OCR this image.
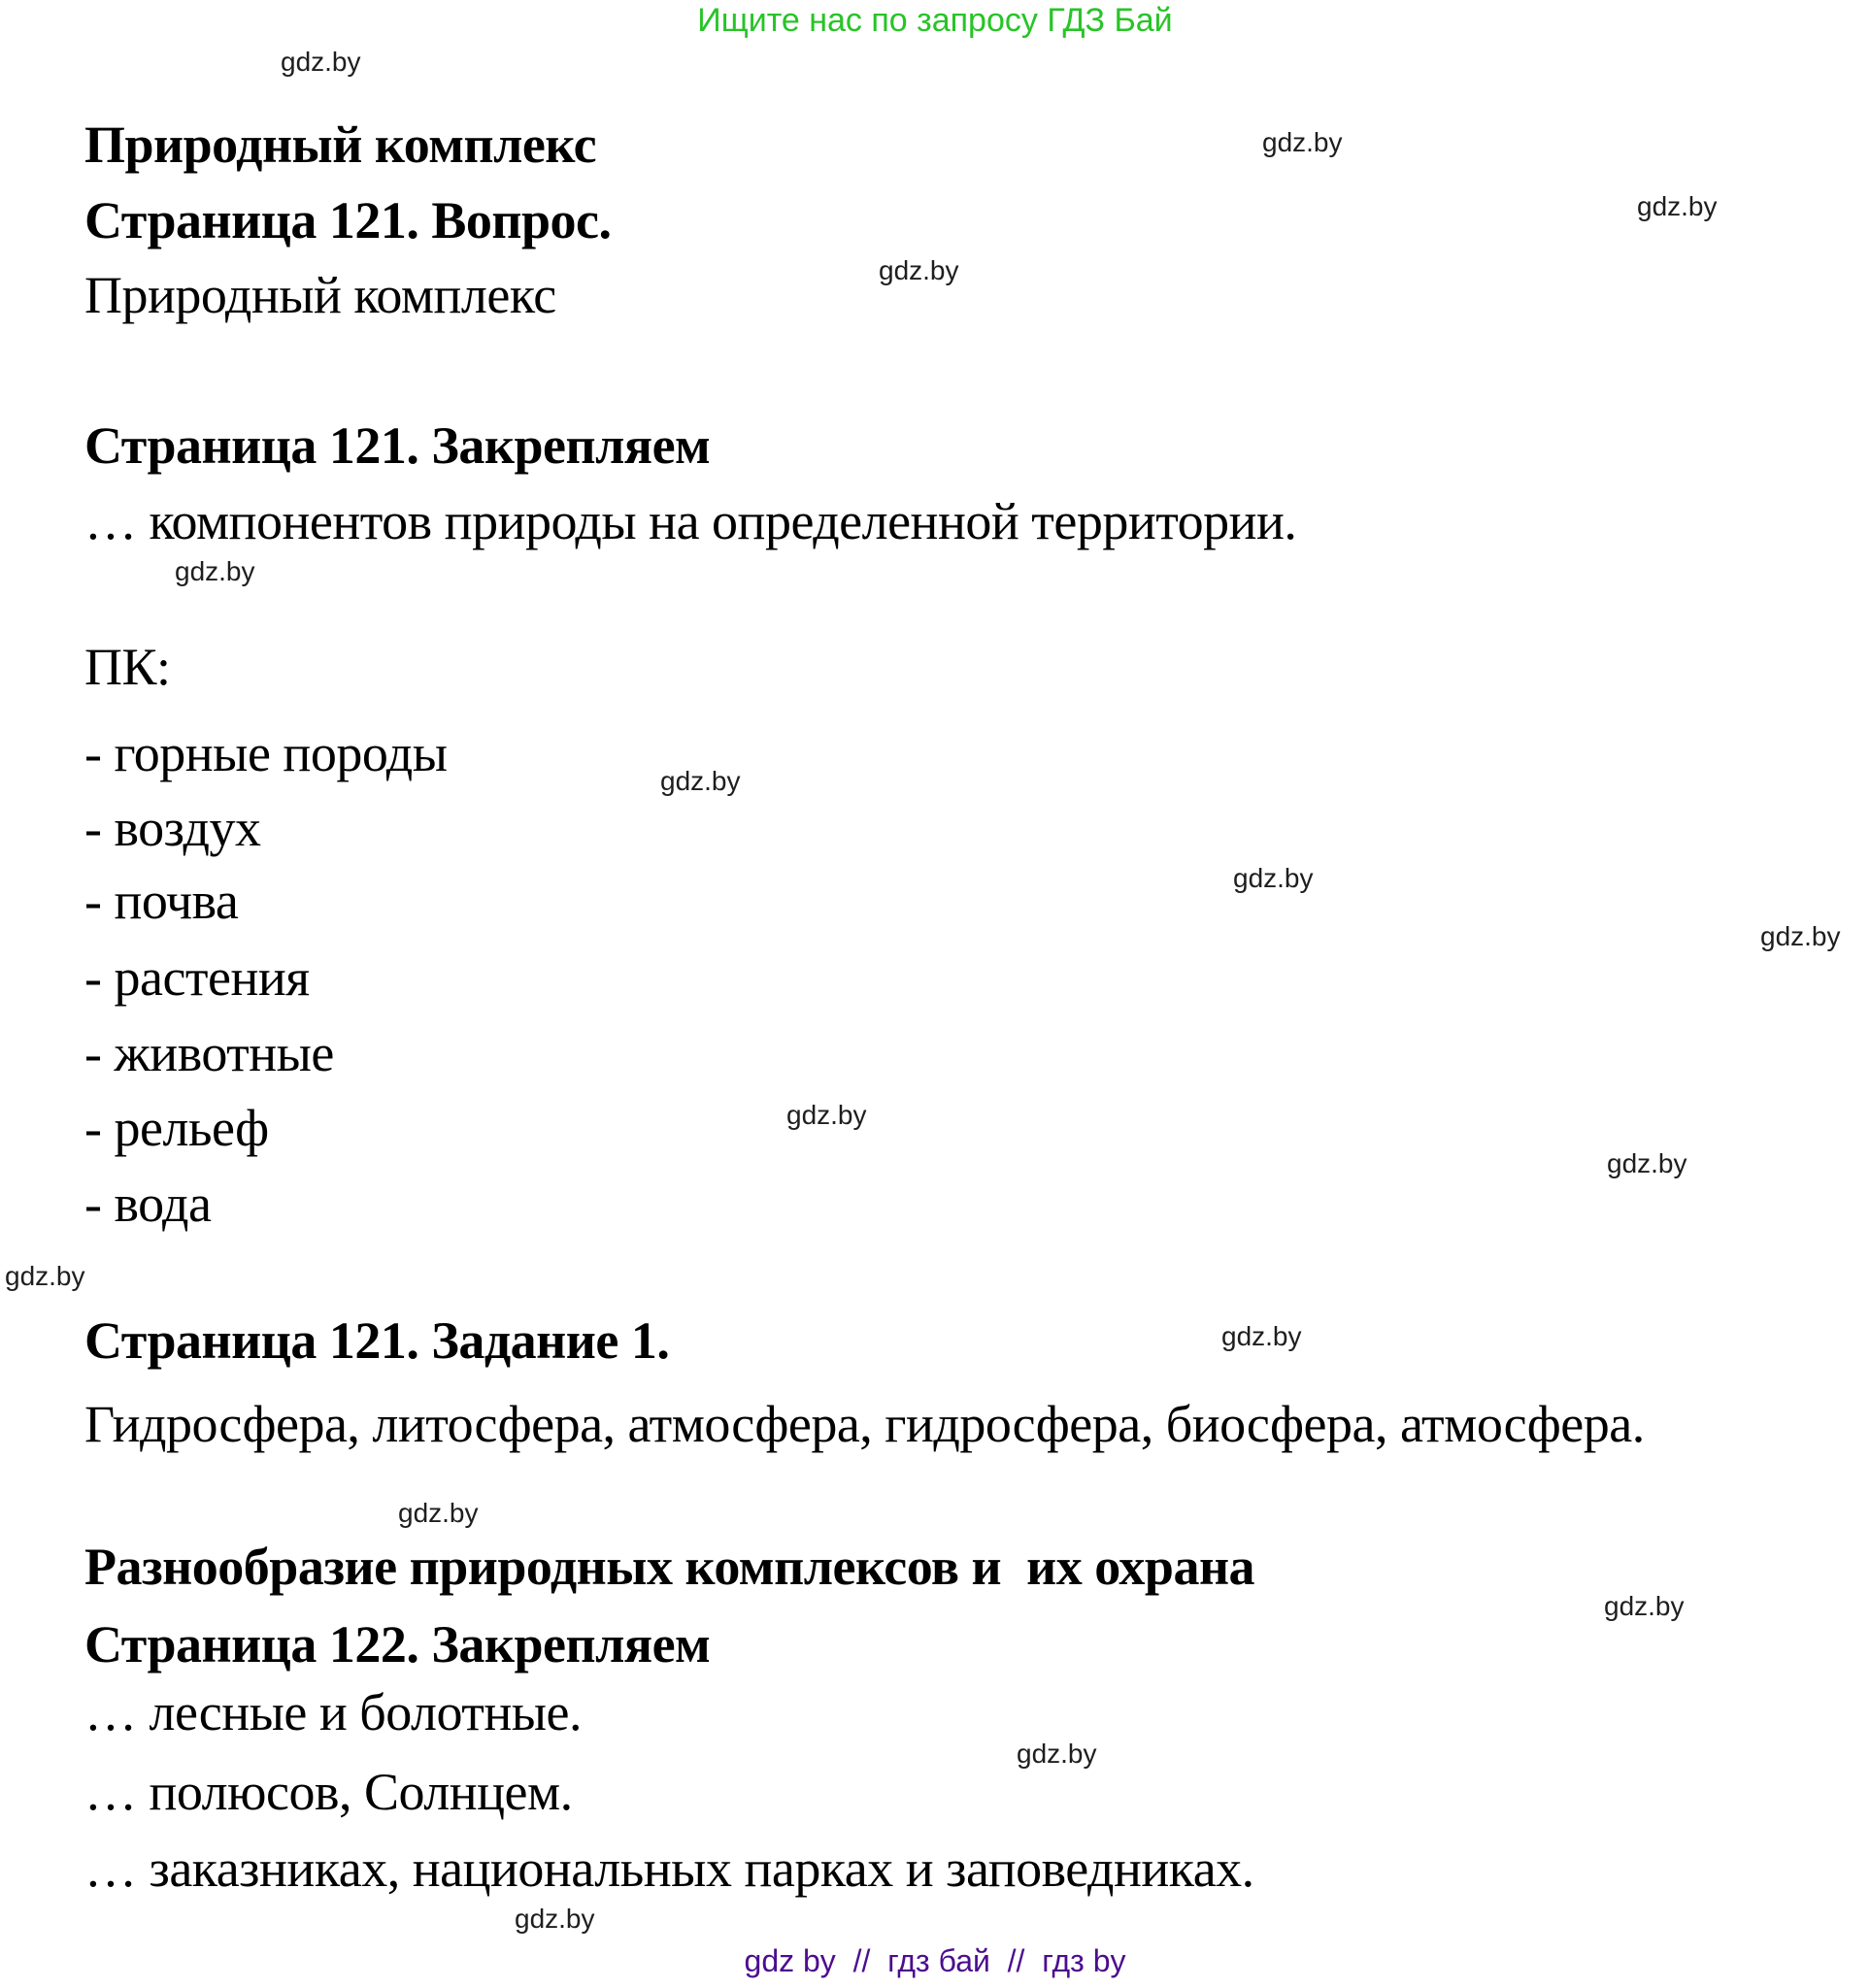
Ищите нас по запросу ГДЗ Бай
Природный комплекс
Страница 121. Вопрос.
Природный комплекс
Страница 121. Закрепляем
… компонентов природы на определенной территории.
ПК:
- горные породы
- воздух
- почва
- растения
- животные
- рельеф
- вода
Страница 121. Задание 1.
Гидросфера, литосфера, атмосфера, гидросфера, биосфера, атмосфера.
Разнообразие природных комплексов и  их охрана
Страница 122. Закрепляем
… лесные и болотные.
… полюсов, Солнцем.
… заказниках, национальных парках и заповедниках.
gdz.by
gdz.by
gdz.by
gdz.by
gdz.by
gdz.by
gdz.by
gdz.by
gdz.by
gdz.by
gdz.by
gdz.by
gdz.by
gdz.by
gdz.by
gdz.by
gdz by  //  гдз бай  //  гдз by
